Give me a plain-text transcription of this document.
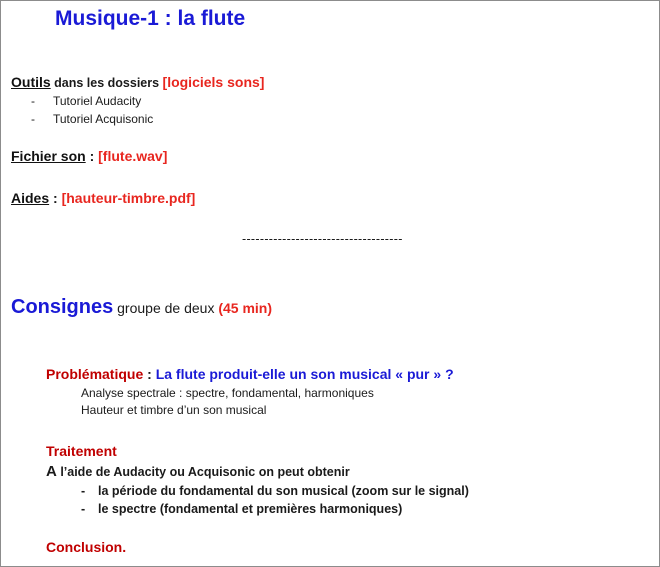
Musique-1 : la flute
Outils dans les dossiers [logiciels sons]
- Tutoriel Audacity
- Tutoriel Acquisonic
Fichier son : [flute.wav]
Aides : [hauteur-timbre.pdf]
------------------------------------
Consignes groupe de deux (45 min)
Problématique : La flute produit-elle un son musical « pur » ?
Analyse spectrale : spectre, fondamental, harmoniques
Hauteur et timbre d’un son musical
Traitement
A l’aide de Audacity ou Acquisonic on peut obtenir
- la période du fondamental du son musical (zoom sur le signal)
- le spectre (fondamental et premières harmoniques)
Conclusion.
